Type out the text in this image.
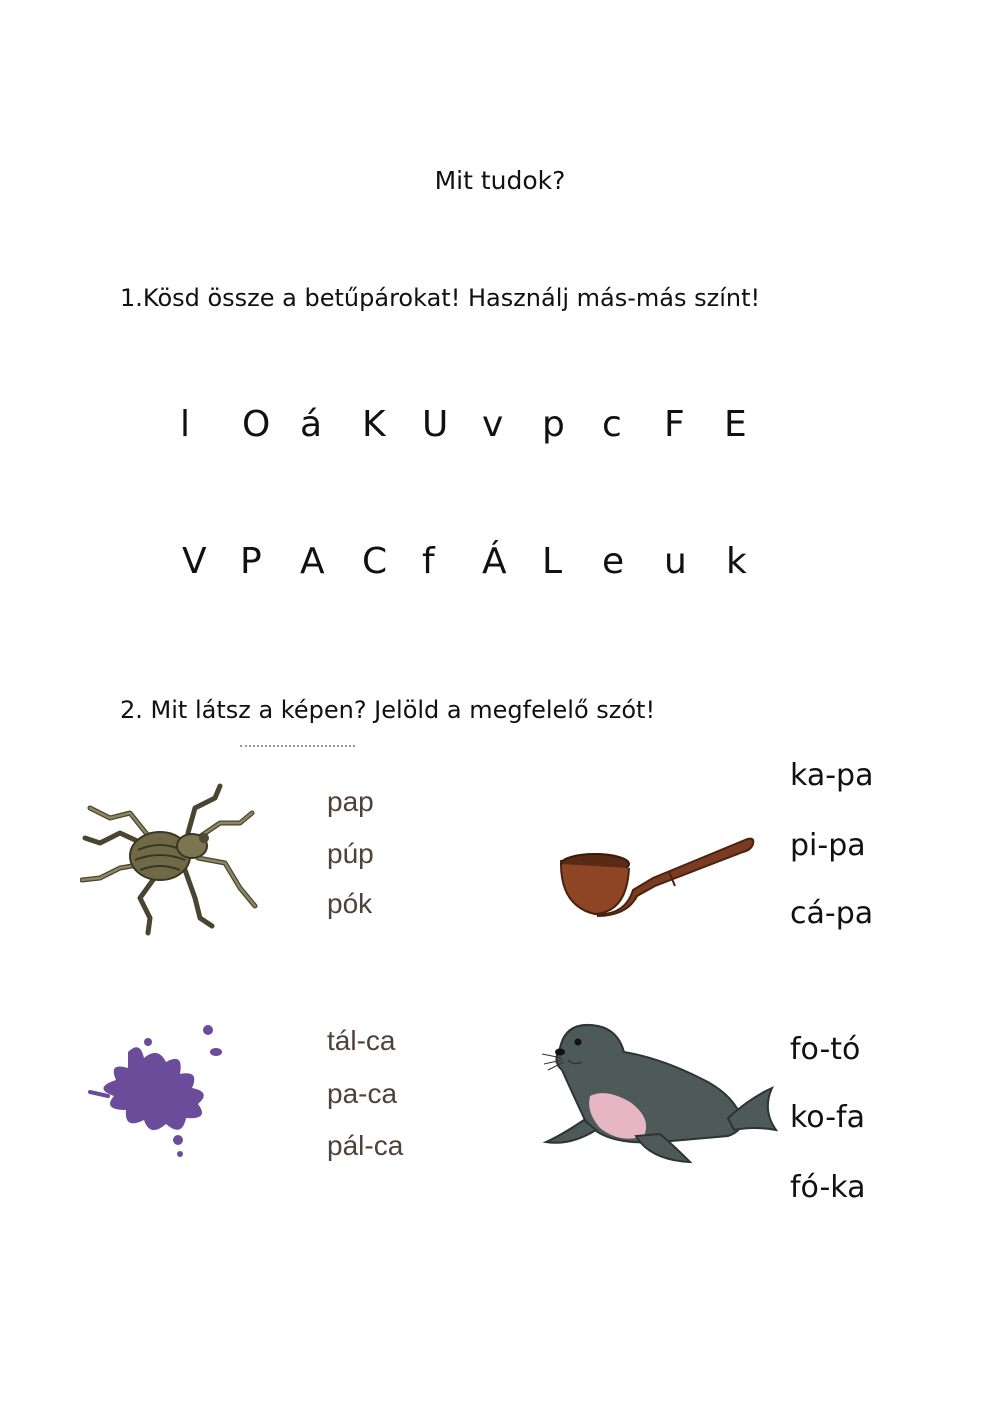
Mit tudok?
1.Kösd össze a betűpárokat! Használj más-más színt!
l O á K U v p c F E
V P A C f Á L e u k
2. Mit látsz a képen? Jelöld a megfelelő szót!
pap
púp
pók
ka-pa
pi-pa
cá-pa
tál-ca
pa-ca
pál-ca
fo-tó
ko-fa
fó-ka
